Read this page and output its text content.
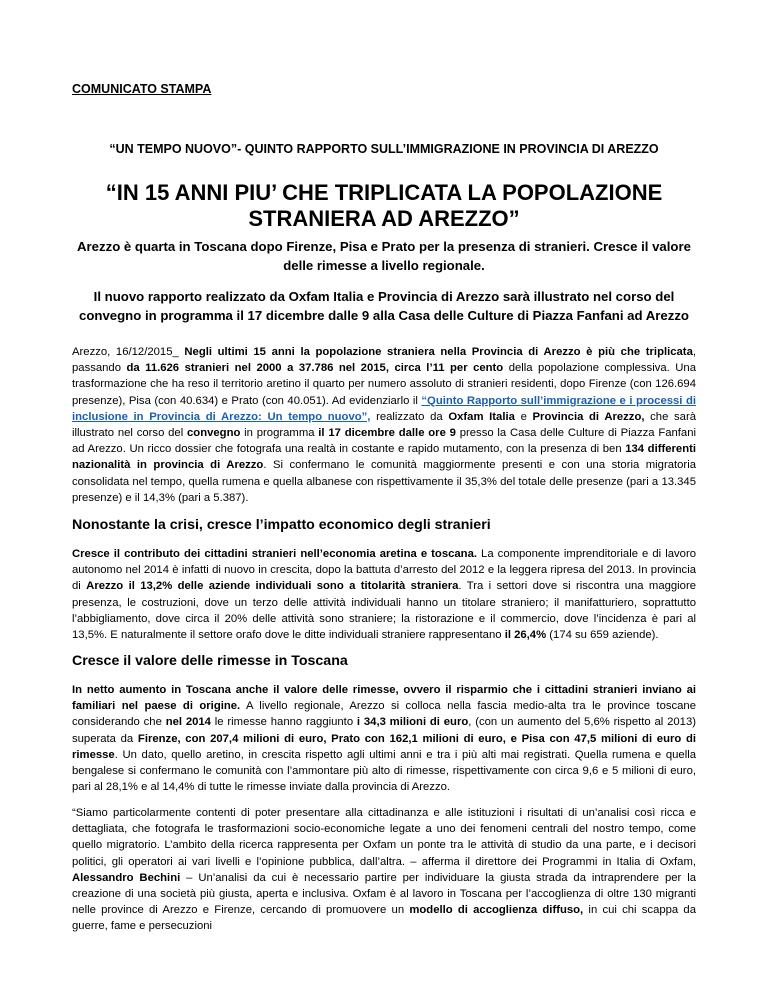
COMUNICATO STAMPA
“UN TEMPO NUOVO”- QUINTO RAPPORTO SULL’IMMIGRAZIONE IN PROVINCIA DI AREZZO
“IN 15 ANNI PIU’ CHE TRIPLICATA LA POPOLAZIONE STRANIERA AD AREZZO”
Arezzo è quarta in Toscana dopo Firenze, Pisa e Prato per la presenza di stranieri. Cresce il valore delle rimesse a livello regionale.
Il nuovo rapporto realizzato da Oxfam Italia e Provincia di Arezzo sarà illustrato nel corso del convegno in programma il 17 dicembre dalle 9 alla Casa delle Culture di Piazza Fanfani ad Arezzo
Arezzo, 16/12/2015_ Negli ultimi 15 anni la popolazione straniera nella Provincia di Arezzo è più che triplicata, passando da 11.626 stranieri nel 2000 a 37.786 nel 2015, circa l’11 per cento della popolazione complessiva. Una trasformazione che ha reso il territorio aretino il quarto per numero assoluto di stranieri residenti, dopo Firenze (con 126.694 presenze), Pisa (con 40.634) e Prato (con 40.051). Ad evidenziarlo il “Quinto Rapporto sull’immigrazione e i processi di inclusione in Provincia di Arezzo: Un tempo nuovo”, realizzato da Oxfam Italia e Provincia di Arezzo, che sarà illustrato nel corso del convegno in programma il 17 dicembre dalle ore 9 presso la Casa delle Culture di Piazza Fanfani ad Arezzo. Un ricco dossier che fotografa una realtà in costante e rapido mutamento, con la presenza di ben 134 differenti nazionalità in provincia di Arezzo. Si confermano le comunità maggiormente presenti e con una storia migratoria consolidata nel tempo, quella rumena e quella albanese con rispettivamente il 35,3% del totale delle presenze (pari a 13.345 presenze) e il 14,3% (pari a 5.387).
Nonostante la crisi, cresce l’impatto economico degli stranieri
Cresce il contributo dei cittadini stranieri nell’economia aretina e toscana. La componente imprenditoriale e di lavoro autonomo nel 2014 è infatti di nuovo in crescita, dopo la battuta d’arresto del 2012 e la leggera ripresa del 2013. In provincia di Arezzo il 13,2% delle aziende individuali sono a titolarità straniera. Tra i settori dove si riscontra una maggiore presenza, le costruzioni, dove un terzo delle attività individuali hanno un titolare straniero; il manifatturiero, soprattutto l’abbigliamento, dove circa il 20% delle attività sono straniere; la ristorazione e il commercio, dove l’incidenza è pari al 13,5%. E naturalmente il settore orafo dove le ditte individuali straniere rappresentano il 26,4% (174 su 659 aziende).
Cresce il valore delle rimesse in Toscana
In netto aumento in Toscana anche il valore delle rimesse, ovvero il risparmio che i cittadini stranieri inviano ai familiari nel paese di origine. A livello regionale, Arezzo si colloca nella fascia medio-alta tra le province toscane considerando che nel 2014 le rimesse hanno raggiunto i 34,3 milioni di euro, (con un aumento del 5,6% rispetto al 2013) superata da Firenze, con 207,4 milioni di euro, Prato con 162,1 milioni di euro, e Pisa con 47,5 milioni di euro di rimesse. Un dato, quello aretino, in crescita rispetto agli ultimi anni e tra i più alti mai registrati. Quella rumena e quella bengalese si confermano le comunità con l’ammontare più alto di rimesse, rispettivamente con circa 9,6 e 5 milioni di euro, pari al 28,1% e al 14,4% di tutte le rimesse inviate dalla provincia di Arezzo.
“Siamo particolarmente contenti di poter presentare alla cittadinanza e alle istituzioni i risultati di un’analisi così ricca e dettagliata, che fotografa le trasformazioni socio-economiche legate a uno dei fenomeni centrali del nostro tempo, come quello migratorio. L’ambito della ricerca rappresenta per Oxfam un ponte tra le attività di studio da una parte, e i decisori politici, gli operatori ai vari livelli e l’opinione pubblica, dall’altra. – afferma il direttore dei Programmi in Italia di Oxfam, Alessandro Bechini – Un’analisi da cui è necessario partire per individuare la giusta strada da intraprendere per la creazione di una società più giusta, aperta e inclusiva. Oxfam è al lavoro in Toscana per l’accoglienza di oltre 130 migranti nelle province di Arezzo e Firenze, cercando di promuovere un modello di accoglienza diffuso, in cui chi scappa da guerre, fame e persecuzioni
